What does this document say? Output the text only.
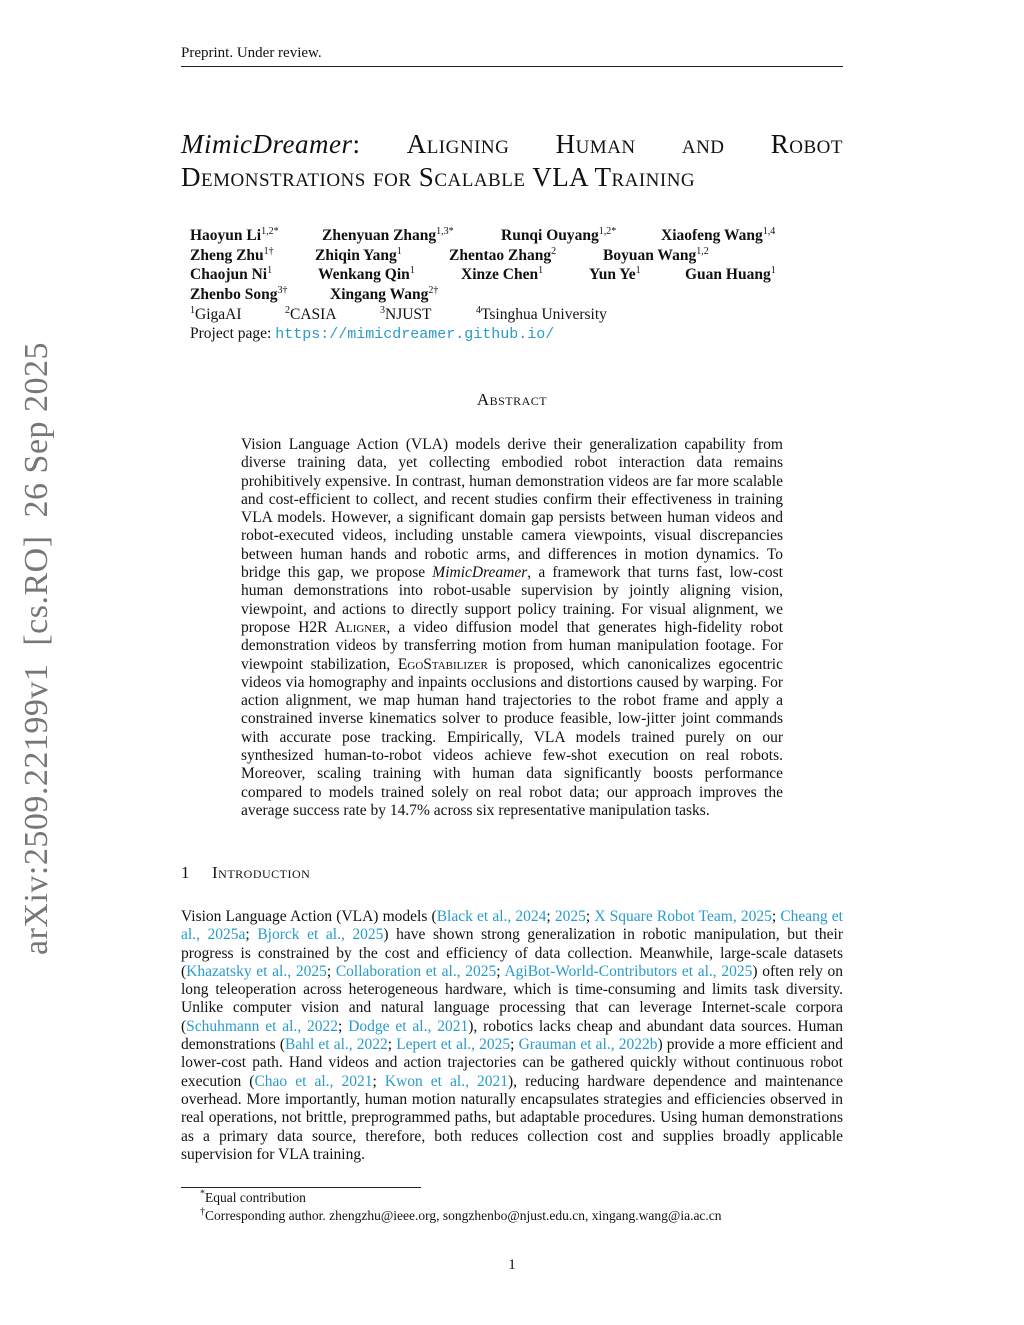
Preprint. Under review.
MimicDreamer: Aligning Human and Robot
Demonstrations for Scalable VLA Training
Haoyun $Li^{1,2*}$	Zhenyuan Zhang$^{1,3*}$	Runqi Ouyang$^{1,2*}$	Xiaofeng Wang$^{1,4}$
Zheng Zhu$^{1\dagger}$	Zhiqin Yang$^1$	Zhentao Zhang$^2$	Boyuan Wang$^{1,2}$
Chaojun Ni$^1$	Wenkang Qin$^1$	Xinze Chen$^1$	Yun Ye$^1$	Guan Huang$^1$
Zhenbo Song$^{3\dagger}$	Xingang Wang$^{2\dagger}$
$^1$GigaAI	$^2$CASIA	$^3$NJUST	$^4$Tsinghua University
Project page: https://mimicdreamer.github.io/
Abstract
Vision Language Action (VLA) models derive their generalization capability from diverse training data, yet collecting embodied robot interaction data remains prohibitively expensive. In contrast, human demonstration videos are far more scalable and cost-efficient to collect, and recent studies confirm their effectiveness in training VLA models. However, a significant domain gap persists between human videos and robot-executed videos, including unstable camera viewpoints, visual discrepancies between human hands and robotic arms, and differences in motion dynamics. To bridge this gap, we propose MimicDreamer, a framework that turns fast, low-cost human demonstrations into robot-usable supervision by jointly aligning vision, viewpoint, and actions to directly support policy training. For visual alignment, we propose H2R Aligner, a video diffusion model that generates high-fidelity robot demonstration videos by transferring motion from human manipulation footage. For viewpoint stabilization, EgoStabilizer is proposed, which canonicalizes egocentric videos via homography and inpaints occlusions and distortions caused by warping. For action alignment, we map human hand trajectories to the robot frame and apply a constrained inverse kinematics solver to produce feasible, low-jitter joint commands with accurate pose tracking. Empirically, VLA models trained purely on our synthesized human-to-robot videos achieve few-shot execution on real robots. Moreover, scaling training with human data significantly boosts performance compared to models trained solely on real robot data; our approach improves the average success rate by 14.7% across six representative manipulation tasks.
1 Introduction
Vision Language Action (VLA) models (Black et al., 2024; 2025; X Square Robot Team, 2025; Cheang et al., 2025a; Bjorck et al., 2025) have shown strong generalization in robotic manipulation, but their progress is constrained by the cost and efficiency of data collection. Meanwhile, large-scale datasets (Khazatsky et al., 2025; Collaboration et al., 2025; AgiBot-World-Contributors et al., 2025) often rely on long teleoperation across heterogeneous hardware, which is time-consuming and limits task diversity. Unlike computer vision and natural language processing that can leverage Internet-scale corpora (Schuhmann et al., 2022; Dodge et al., 2021), robotics lacks cheap and abundant data sources. Human demonstrations (Bahl et al., 2022; Lepert et al., 2025; Grauman et al., 2022b) provide a more efficient and lower-cost path. Hand videos and action trajectories can be gathered quickly without continuous robot execution (Chao et al., 2021; Kwon et al., 2021), reducing hardware dependence and maintenance overhead. More importantly, human motion naturally encapsulates strategies and efficiencies observed in real operations, not brittle, preprogrammed paths, but adaptable procedures. Using human demonstrations as a primary data source, therefore, both reduces collection cost and supplies broadly applicable supervision for VLA training.
*Equal contribution
†Corresponding author. zhengzhu@ieee.org, songzhenbo@njust.edu.cn, xingang.wang@ia.ac.cn
1
arXiv:2509.22199v1[cs.RO]26 Sep 2025
